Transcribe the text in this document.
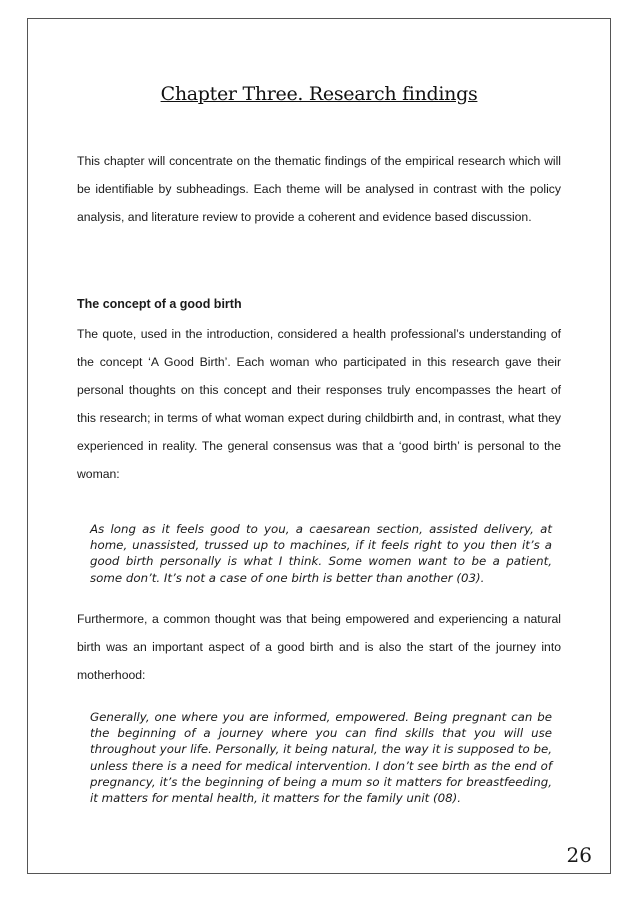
Chapter Three. Research findings

This chapter will concentrate on the thematic findings of the empirical research which will be identifiable by subheadings. Each theme will be analysed in contrast with the policy analysis, and literature review to provide a coherent and evidence based discussion.

The concept of a good birth

The quote, used in the introduction, considered a health professional’s understanding of the concept ‘A Good Birth’. Each woman who participated in this research gave their personal thoughts on this concept and their responses truly encompasses the heart of this research; in terms of what woman expect during childbirth and, in contrast, what they experienced in reality. The general consensus was that a ‘good birth’ is personal to the woman:

As long as it feels good to you, a caesarean section, assisted delivery, at home, unassisted, trussed up to machines, if it feels right to you then it’s a good birth personally is what I think. Some women want to be a patient, some don’t. It’s not a case of one birth is better than another (03).

Furthermore, a common thought was that being empowered and experiencing a natural birth was an important aspect of a good birth and is also the start of the journey into motherhood:

Generally, one where you are informed, empowered. Being pregnant can be the beginning of a journey where you can find skills that you will use throughout your life. Personally, it being natural, the way it is supposed to be, unless there is a need for medical intervention. I don’t see birth as the end of pregnancy, it’s the beginning of being a mum so it matters for breastfeeding, it matters for mental health, it matters for the family unit (08).

26
